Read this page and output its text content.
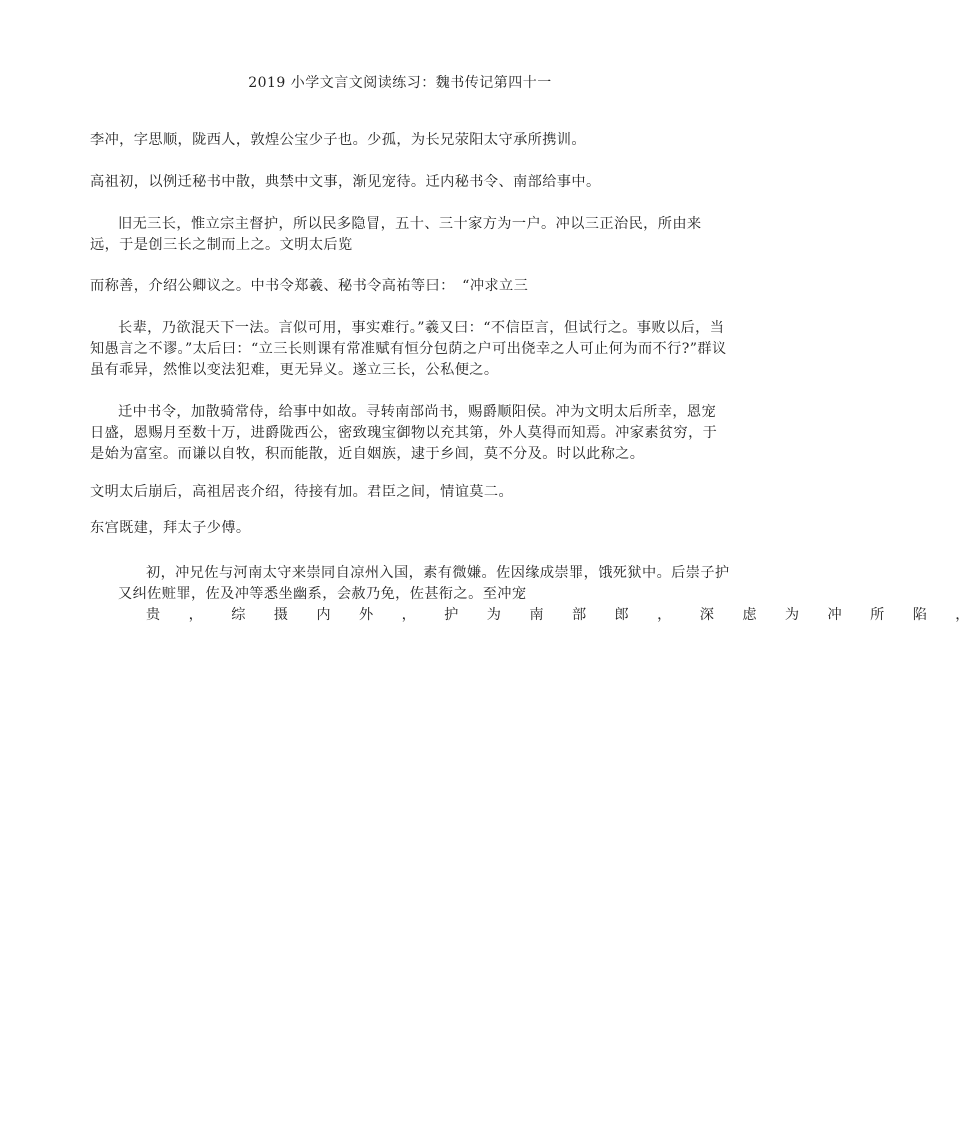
2019 小学文言文阅读练习：魏书传记第四十一

李冲，字思顺，陇西人，敦煌公宝少子也。少孤，为长兄荥阳太守承所携训。

高祖初，以例迁秘书中散，典禁中文事，渐见宠待。迁内秘书令、南部给事中。

旧无三长，惟立宗主督护，所以民多隐冒，五十、三十家方为一户。冲以三正治民，所由来远，于是创三长之制而上之。文明太后览

而称善，介绍公卿议之。中书令郑羲、秘书令高祐等曰：　“冲求立三

长辈，乃欲混天下一法。言似可用，事实难行。”羲又曰：“不信臣言，但试行之。事败以后，当知愚言之不谬。”太后曰：“立三长则课有常准赋有恒分包荫之户可出侥幸之人可止何为而不行?”群议虽有乖异，然惟以变法犯难，更无异义。遂立三长，公私便之。

迁中书令，加散骑常侍，给事中如故。寻转南部尚书，赐爵顺阳侯。冲为文明太后所幸，恩宠日盛，恩赐月至数十万，进爵陇西公，密致瑰宝御物以充其第，外人莫得而知焉。冲家素贫穷，于是始为富室。而谦以自牧，积而能散，近自姻族，逮于乡闾，莫不分及。时以此称之。

文明太后崩后，高祖居丧介绍，待接有加。君臣之间，情谊莫二。

东宫既建，拜太子少傅。

初，冲兄佐与河南太守来崇同自凉州入国，素有微嫌。佐因缘成崇罪，饿死狱中。后崇子护又纠佐赃罪，佐及冲等悉坐幽系，会赦乃免，佐甚衔之。至冲宠

贵	，	综	摄	内	外	，	护	为	南	部	郎	，	深	虑	为	冲	所	陷	，
